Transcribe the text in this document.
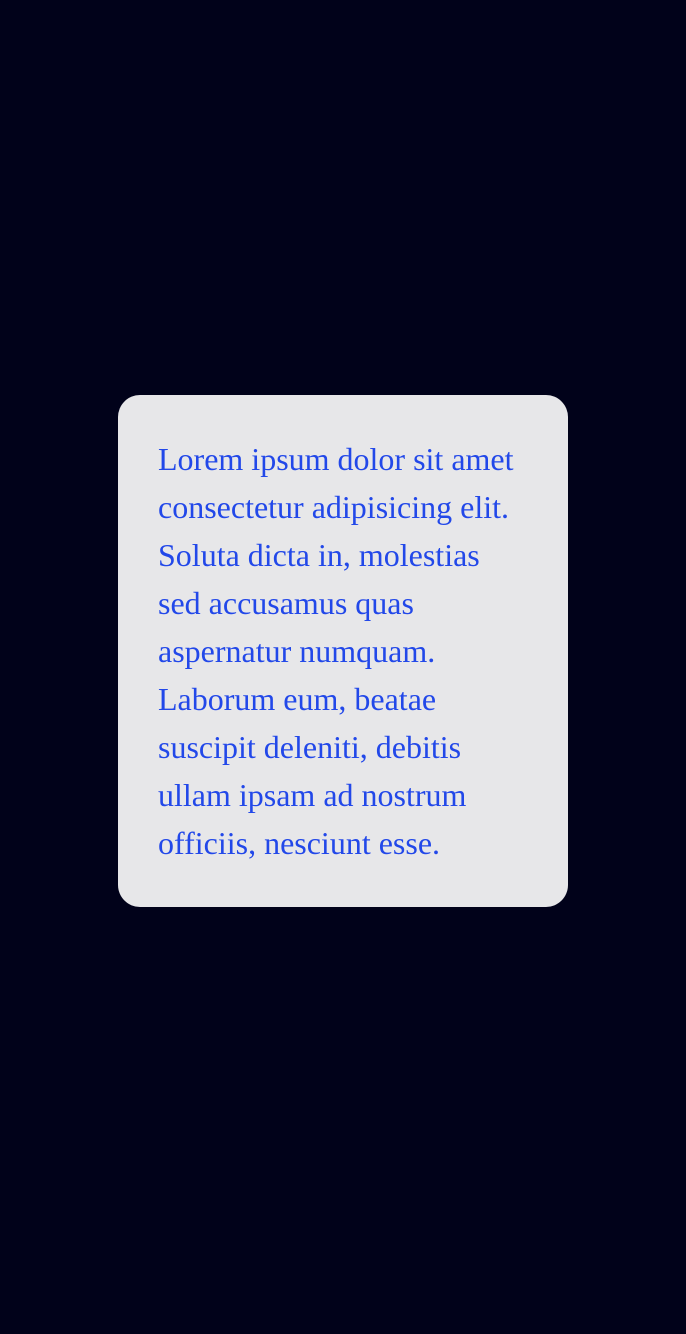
Lorem ipsum dolor sit amet
consectetur adipisicing elit.
Soluta dicta in, molestias
sed accusamus quas
aspernatur numquam.
Laborum eum, beatae
suscipit deleniti, debitis
ullam ipsam ad nostrum
officiis, nesciunt esse.
